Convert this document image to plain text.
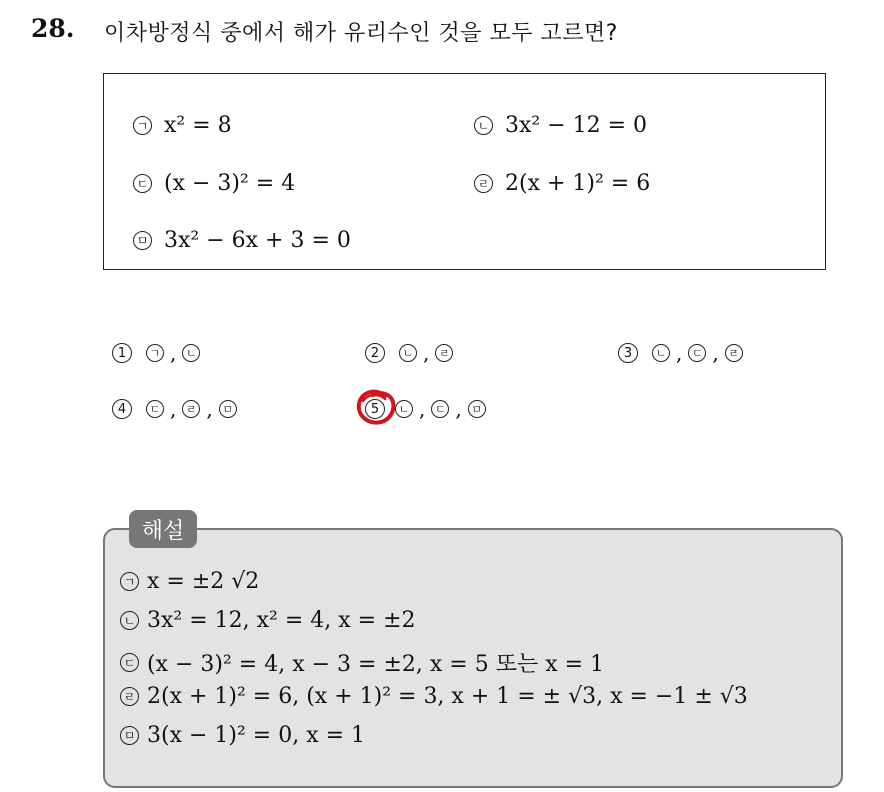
28. 이차방정식 중에서 해가 유리수인 것을 모두 고르면?
ㄱ x² = 8	ㄴ 3x² − 12 = 0
ㄷ (x − 3)² = 4	ㄹ 2(x + 1)² = 6
ㅁ 3x² − 6x + 3 = 0
1	ㄱ , ㄴ	2	ㄴ , ㄹ	3	ㄴ , ㄷ , ㄹ
4	ㄷ , ㄹ , ㅁ	5	ㄴ , ㄷ , ㅁ
해설
ㄱ x = ±2 √2
ㄴ 3x² = 12, x² = 4, x = ±2
ㄷ (x − 3)² = 4, x − 3 = ±2, x = 5 또는 x = 1
ㄹ 2(x + 1)² = 6, (x + 1)² = 3, x + 1 = ± √3, x = −1 ± √3
ㅁ 3(x − 1)² = 0, x = 1
